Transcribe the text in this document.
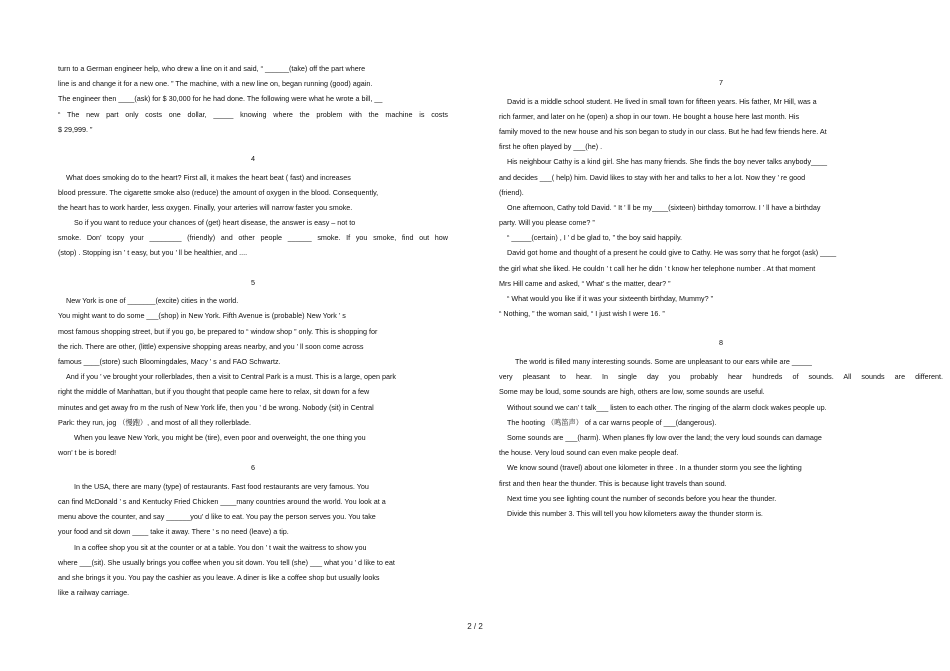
turn to a German engineer help, who drew a line on it and said, “ ______(take) off the part where
line is and change it for a new one. ” The machine, with a new line on, began running (good) again.
The engineer then ____(ask) for $ 30,000 for he had done. The following were what he wrote a bill, __
“ The new part only costs one dollar, _____ knowing where the problem with the machine is costs
$ 29,999. ”
4
What does smoking do to the heart? First all, it makes the heart beat ( fast) and increases
blood pressure. The cigarette smoke also (reduce) the amount of oxygen in the blood. Consequently,
the heart has to work harder, less oxygen. Finally, your arteries will narrow faster you smoke.
So if you want to reduce your chances of (get) heart disease, the answer is easy – not to
smoke. Don’ tcopy your ________ (friendly) and other people ______ smoke. If you smoke, find out how
(stop) . Stopping isn ’ t easy, but you ’ ll be healthier, and ....
5
New York is one of _______(excite) cities in the world.
You might want to do some ___(shop) in New York. Fifth Avenue is (probable) New York ’ s
most famous shopping street, but if you go, be prepared to “ window shop ” only. This is shopping for
the rich. There are other, (little) expensive shopping areas nearby, and you ’ ll soon come across
famous ____(store) such Bloomingdales, Macy ’ s and FAO Schwartz.
And if you ’ ve brought your rollerblades, then a visit to Central Park is a must. This is a large, open park
right the middle of Manhattan, but if you thought that people came here to relax, sit down for a few
minutes and get away fro m the rush of New York life, then you ’ d be wrong. Nobody (sit) in Central
Park: they run, jog （慢跑）, and most of all they rollerblade.
When you leave New York, you might be (tire), even poor and overweight, the one thing you
won’ t be is bored!
6
In the USA, there are many (type) of restaurants. Fast food restaurants are very famous. You
can find McDonald ’ s and Kentucky Fried Chicken ____many countries around the world. You look at a
menu above the counter, and say ______you’ d like to eat. You pay the person serves you. You take
your food and sit down ____ take it away. There ’ s no need (leave) a tip.
In a coffee shop you sit at the counter or at a table. You don ’ t wait the waitress to show you
where ___(sit). She usually brings you coffee when you sit down. You tell (she) ___ what you ’ d like to eat
and she brings it you. You pay the cashier as you leave. A diner is like a coffee shop but usually looks
like a railway carriage.
7
David is a middle school student. He lived in small town for fifteen years. His father, Mr Hill, was a
rich farmer, and later on he (open) a shop in our town. He bought a house here last month. His
family moved to the new house and his son began to study in our class. But he had few friends here. At
first he often played by ___(he) .
His neighbour Cathy is a kind girl. She has many friends. She finds the boy never talks anybody____
and decides ___( help) him. David likes to stay with her and talks to her a lot. Now they ’ re good
(friend).
One afternoon, Cathy told David. “ It ’ ll be my____(sixteen) birthday tomorrow. I ’ ll have a birthday
party. Will you please come? ”
“ _____(certain) , I ’ d be glad to, ” the boy said happily.
David got home and thought of a present he could give to Cathy. He was sorry that he forgot (ask) ____
the girl what she liked. He couldn ’ t call her he didn ’ t know her telephone number . At that moment
Mrs Hill came and asked, “ What’ s the matter, dear? ”
“ What would you like if it was your sixteenth birthday, Mummy? ”
“ Nothing, ” the woman said, “ I just wish I were 16. ”
8
The world is filled many interesting sounds. Some are unpleasant to our ears while are _____
very pleasant to hear. In single day you probably hear hundreds of sounds. All sounds are different.
Some may be loud, some sounds are high, others are low, some sounds are useful.
Without sound we can’ t talk___ listen to each other. The ringing of the alarm clock wakes people up.
The hooting （鸣笛声） of a car warns people of ___(dangerous).
Some sounds are ___(harm). When planes fly low over the land; the very loud sounds can damage
the house. Very loud sound can even make people deaf.
We know sound (travel) about one kilometer in three . In a thunder storm you see the lighting
first and then hear the thunder. This is because light travels than sound.
Next time you see lighting count the number of seconds before you hear the thunder.
Divide this number 3. This will tell you how kilometers away the thunder storm is.
2 / 2
